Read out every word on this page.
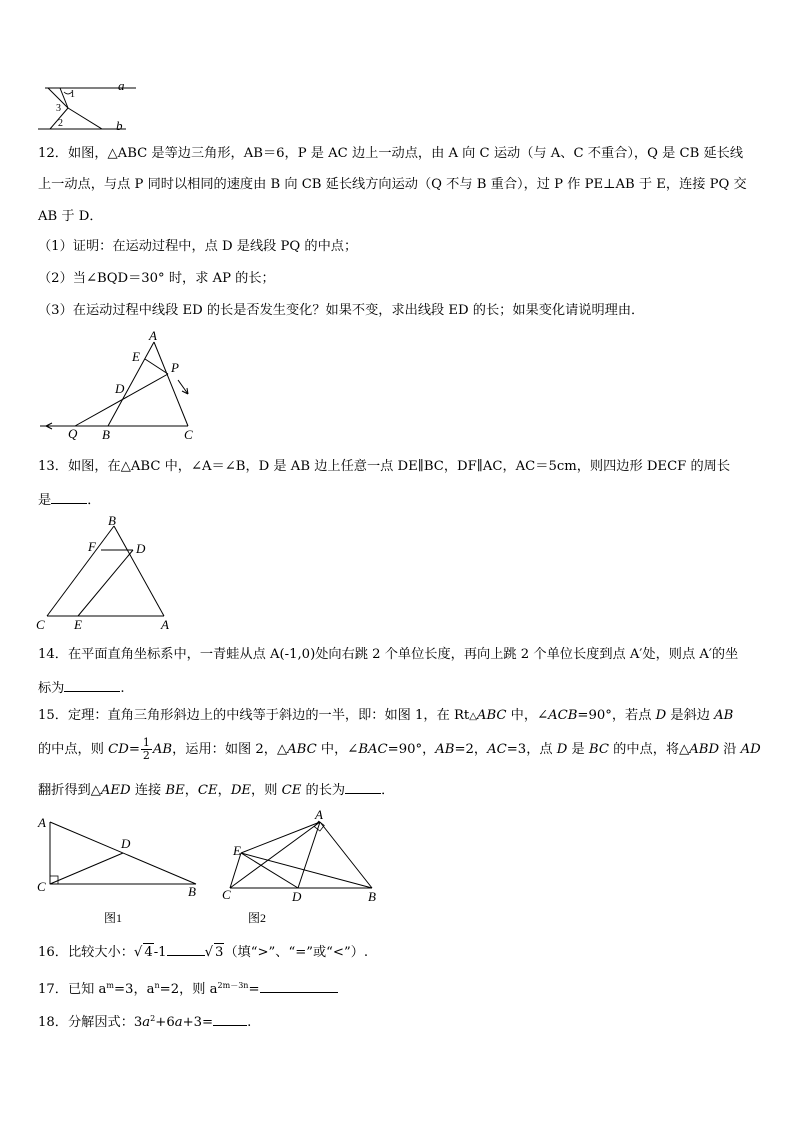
1
3
2
a
b
12．如图，△ABC 是等边三角形，AB＝6，P 是 AC 边上一动点，由 A 向 C 运动（与 A、C 不重合），Q 是 CB 延长线
上一动点，与点 P 同时以相同的速度由 B 向 CB 延长线方向运动（Q 不与 B 重合），过 P 作 PE⊥AB 于 E，连接 PQ 交
AB 于 D．
（1）证明：在运动过程中，点 D 是线段 PQ 的中点；
（2）当∠BQD＝30° 时，求 AP 的长；
（3）在运动过程中线段 ED 的长是否发生变化？如果不变，求出线段 ED 的长；如果变化请说明理由．
A
E
P
D
Q B	C
13．如图，在△ABC 中，∠A＝∠B，D 是 AB 边上任意一点 DE∥BC，DF∥AC，AC＝5cm，则四边形 DECF 的周长
是	．
B
F	D
C E	A
14．在平面直角坐标系中，一青蛙从点 A(-1,0)处向右跳 2 个单位长度，再向上跳 2 个单位长度到点 A′处，则点 A′的坐
标为	.
15．定理：直角三角形斜边上的中线等于斜边的一半，即：如图 1，在 Rt△ABC 中，∠ACB=90°，若点 D 是斜边 AB
的中点，则 $CD= \frac{1}{2}$ AB，运用：如图 2，△ABC 中，∠BAC=90°，AB=2，AC=3，点 D 是 BC 的中点，将△ABD 沿 AD
翻折得到△AED 连接 BE，CE，DE，则 CE 的长为	．
A
D
C	B
图1
A
E
C	D	B
图2
16．比较大小：√ 4-1	√ 3（填“>”、“=”或“<”）.
17．已知 $a^m=3$，$a^n=2$，则 $a^{2m-3n}=$
18．分解因式：$3a^2+6a+3=$	.
